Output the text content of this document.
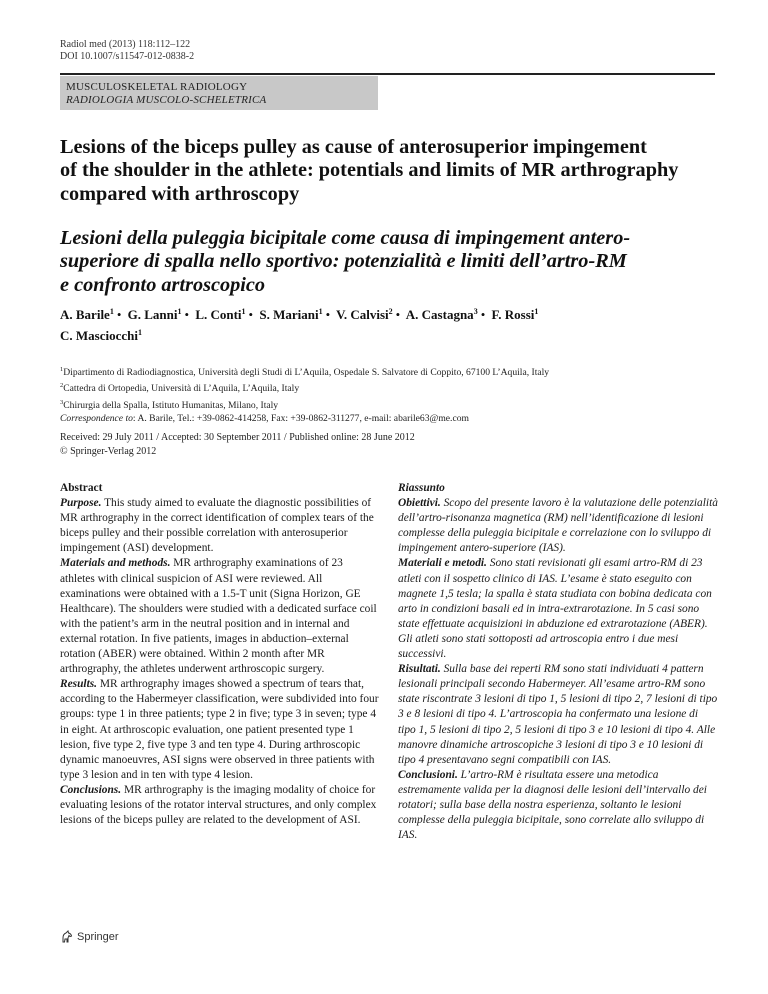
Radiol med (2013) 118:112–122
DOI 10.1007/s11547-012-0838-2
MUSCULOSKELETAL RADIOLOGY
RADIOLOGIA MUSCOLO-SCHELETRICA
Lesions of the biceps pulley as cause of anterosuperior impingement
of the shoulder in the athlete: potentials and limits of MR arthrography
compared with arthroscopy
Lesioni della puleggia bicipitale come causa di impingement antero-
superiore di spalla nello sportivo: potenzialità e limiti dell’artro-RM
e confronto artroscopico
A. Barile$^1$ • G. Lanni$^1$ • L. Conti$^1$ • S. Mariani$^1$ • V. Calvisi$^2$ • A. Castagna$^3$ • F. Rossi$^1$
C. Masciocchi$^1$
$^1$Dipartimento di Radiodiagnostica, Università degli Studi di L’Aquila, Ospedale S. Salvatore di Coppito, 67100 L’Aquila, Italy
$^2$Cattedra di Ortopedia, Università di L’Aquila, L’Aquila, Italy
$^3$Chirurgia della Spalla, Istituto Humanitas, Milano, Italy
Correspondence to: A. Barile, Tel.: +39-0862-414258, Fax: +39-0862-311277, e-mail: abarile63@me.com
Received: 29 July 2011 / Accepted: 30 September 2011 / Published online: 28 June 2012
© Springer-Verlag 2012
Abstract
Purpose. This study aimed to evaluate the diagnostic possibilities of MR arthrography in the correct identification of complex tears of the biceps pulley and their possible correlation with anterosuperior impingement (ASI) development.
Materials and methods. MR arthrography examinations of 23 athletes with clinical suspicion of ASI were reviewed. All examinations were obtained with a 1.5-T unit (Signa Horizon, GE Healthcare). The shoulders were studied with a dedicated surface coil with the patient’s arm in the neutral position and in internal and external rotation. In five patients, images in abduction–external rotation (ABER) were obtained. Within 2 month after MR arthrography, the athletes underwent arthroscopic surgery.
Results. MR arthrography images showed a spectrum of tears that, according to the Habermeyer classification, were subdivided into four groups: type 1 in three patients; type 2 in five; type 3 in seven; type 4 in eight. At arthroscopic evaluation, one patient presented type 1 lesion, five type 2, five type 3 and ten type 4. During arthroscopic dynamic manoeuvres, ASI signs were observed in three patients with type 3 lesion and in ten with type 4 lesion.
Conclusions. MR arthrography is the imaging modality of choice for evaluating lesions of the rotator interval structures, and only complex lesions of the biceps pulley are related to the development of ASI.
Riassunto
Obiettivi. Scopo del presente lavoro è la valutazione delle potenzialità dell’artro-risonanza magnetica (RM) nell’identificazione di lesioni complesse della puleggia bicipitale e correlazione con lo sviluppo di impingement antero-superiore (IAS).
Materiali e metodi. Sono stati revisionati gli esami artro-RM di 23 atleti con il sospetto clinico di IAS. L’esame è stato eseguito con magnete 1,5 tesla; la spalla è stata studiata con bobina dedicata con arto in condizioni basali ed in intra-extrarotazione. In 5 casi sono state effettuate acquisizioni in abduzione ed extrarotazione (ABER). Gli atleti sono stati sottoposti ad artroscopia entro i due mesi successivi.
Risultati. Sulla base dei reperti RM sono stati individuati 4 pattern lesionali principali secondo Habermeyer. All’esame artro-RM sono state riscontrate 3 lesioni di tipo 1, 5 lesioni di tipo 2, 7 lesioni di tipo 3 e 8 lesioni di tipo 4. L’artroscopia ha confermato una lesione di tipo 1, 5 lesioni di tipo 2, 5 lesioni di tipo 3 e 10 lesioni di tipo 4. Alle manovre dinamiche artroscopiche 3 lesioni di tipo 3 e 10 lesioni di tipo 4 presentavano segni compatibili con IAS.
Conclusioni. L’artro-RM è risultata essere una metodica estremamente valida per la diagnosi delle lesioni dell’intervallo dei rotatori; sulla base della nostra esperienza, soltanto le lesioni complesse della puleggia bicipitale, sono correlate allo sviluppo di IAS.
Springer
